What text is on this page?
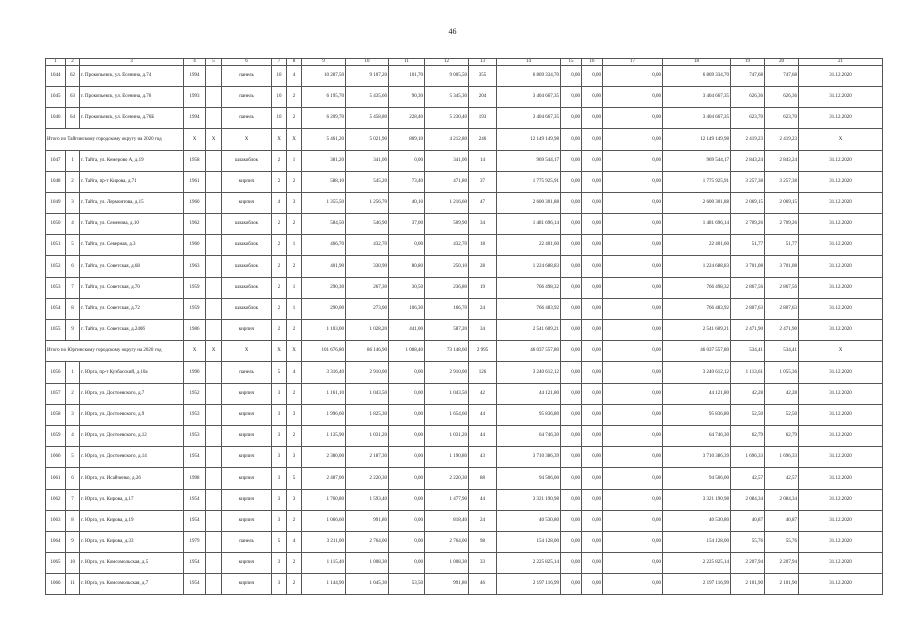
46
1	2	3	4	5	6	7	8	9	10	11	12	13	14	15	16	17	18	19	20	21
1044	62	г. Прокопьевск, ул. Есенина, д.74	1994		панель	10	4	10 287,50	9 107,20	101,70	9 005,50	355	6 869 334,70	0,00	0,00	0,00	6 869 334,70	747,68	747,68	31.12.2020
1045	63	г. Прокопьевск, ул. Есенина, д.76	1993		панель	10	2	6 195,70	5 435,60	90,30	5 345,30	204	3 404 667,35	0,00	0,00	0,00	3 404 667,35	626,36	626,36	31.12.2020
1046	64	г. Прокопьевск, ул. Есенина, д.76Б	1994		панель	10	2	6 209,70	5 458,80	228,40	5 230,40	193	3 404 667,35	0,00	0,00	0,00	3 404 667,35	623,70	623,70	31.12.2020
Итого по Тайгинскому городскому округу на 2020 год			X	X	X	X	X	5 461,20	5 021,90	809,10	4 212,80	246	12 149 149,98	0,00	0,00	0,00	12 149 149,98	2 419,23	2 419,23	X
1047	1	г. Тайга, ул. Кемерово А, д.19	1958		шлакоблок	2	1	381,20	341,00	0,00	341,00	14	969 544,17	0,00	0,00	0,00	969 544,17	2 843,24	2 843,24	31.12.2020
1048	2	г. Тайга, пр-т Кирова, д.71	1961		кирпич	2	2	588,10	545,20	73,40	471,80	37	1 775 925,91	0,00	0,00	0,00	1 775 925,91	3 257,38	3 257,38	31.12.2020
1049	3	г. Тайга, ул. Лермонтова, д.15	1960		кирпич	4	3	1 355,50	1 256,70	40,10	1 216,60	47	2 600 301,88	0,00	0,00	0,00	2 600 301,88	2 069,15	2 069,15	31.12.2020
1050	4	г. Тайга, ул. Семенова, д.10	1962		шлакоблок	2	2	584,50	546,90	37,00	509,90	34	1 481 696,14	0,00	0,00	0,00	1 481 696,14	2 709,26	2 709,26	31.12.2020
1051	5	г. Тайга, ул. Северная, д.3	1960		шлакоблок	2	1	466,70	432,70	0,00	432,70	18	22 401,60	0,00	0,00	0,00	22 401,60	51,77	51,77	31.12.2020
1052	6	г. Тайга, ул. Советская, д.68	1963		шлакоблок	2	2	401,90	330,90	80,80	250,10	28	1 224 688,83	0,00	0,00	0,00	1 224 688,83	3 701,08	3 701,08	31.12.2020
1053	7	г. Тайга, ул. Советская, д.70	1959		шлакоблок	2	1	290,30	267,30	30,50	236,80	19	766 498,32	0,00	0,00	0,00	766 498,32	2 867,56	2 867,56	31.12.2020
1054	8	г. Тайга, ул. Советская, д.72	1959		шлакоблок	2	1	290,00	273,00	106,30	166,70	24	766 483,92	0,00	0,00	0,00	766 483,92	2 807,63	2 807,63	31.12.2020
1055	9	г. Тайга, ул. Советская, д.240б	1986		кирпич	2	2	1 103,00	1 028,20	441,00	587,20	34	2 541 609,21	0,00	0,00	0,00	2 541 609,21	2 471,90	2 471,90	31.12.2020
Итого по Юргинскому городскому округу на 2020 год			X	X	X	X	X	101 676,80	86 146,90	1 008,40	73 148,60	2 995	46 037 557,80	0,00	0,00	0,00	46 037 557,80	534,41	534,41	X
1056	1	г. Юрга, пр-т Кузбасский, д.10а	1990		панель	5	4	3 316,40	2 910,00	0,00	2 910,00	126	3 240 612,12	0,00	0,00	0,00	3 240 612,12	1 113,61	1 055,36	31.12.2020
1057	2	г. Юрга, ул. Достоевского, д.7	1952		кирпич	3	2	1 161,10	1 043,50	0,00	1 043,50	42	44 121,80	0,00	0,00	0,00	44 121,80	42,28	42,28	31.12.2020
1058	3	г. Юрга, ул. Достоевского, д.9	1953		кирпич	3	3	1 996,60	1 825,30	0,00	1 654,60	44	95 836,80	0,00	0,00	0,00	95 836,80	52,50	52,50	31.12.2020
1059	4	г. Юрга, ул. Достоевского, д.12	1953		кирпич	3	2	1 135,90	1 031,20	0,00	1 031,20	44	64 746,30	0,00	0,00	0,00	64 746,30	62,79	62,79	31.12.2020
1060	5	г. Юрга, ул. Достоевского, д.14	1954		кирпич	3	3	2 380,00	2 187,30	0,00	1 190,80	43	3 710 386,39	0,00	0,00	0,00	3 710 386,39	1 696,33	1 696,33	31.12.2020
1061	6	г. Юрга, ул. Исайченко, д.26	1998		кирпич	3	5	2 487,00	2 220,30	0,00	2 220,30	88	94 506,00	0,00	0,00	0,00	94 506,00	42,57	42,57	31.12.2020
1062	7	г. Юрга, ул. Кирова, д.17	1954		кирпич	3	3	1 760,80	1 593,40	0,00	1 477,90	44	3 321 190,98	0,00	0,00	0,00	3 321 190,98	2 084,34	2 084,34	31.12.2020
1063	8	г. Юрга, ул. Кирова, д.19	1954		кирпич	3	2	1 066,60	991,80	0,00	818,40	24	40 530,80	0,00	0,00	0,00	40 530,80	40,87	40,87	31.12.2020
1064	9	г. Юрга, ул. Кирова, д.33	1979		панель	5	4	3 211,00	2 764,00	0,00	2 764,00	98	154 128,00	0,00	0,00	0,00	154 128,00	55,76	55,76	31.12.2020
1065	10	г. Юрга, ул. Комсомольская, д.5	1954		кирпич	3	2	1 115,40	1 008,30	0,00	1 008,30	33	2 225 825,14	0,00	0,00	0,00	2 225 825,14	2 207,94	2 207,94	31.12.2020
1066	11	г. Юрга, ул. Комсомольская, д.7	1954		кирпич	3	2	1 144,90	1 045,30	53,50	991,80	46	2 197 116,99	0,00	0,00	0,00	2 197 116,99	2 101,90	2 101,90	31.12.2020
